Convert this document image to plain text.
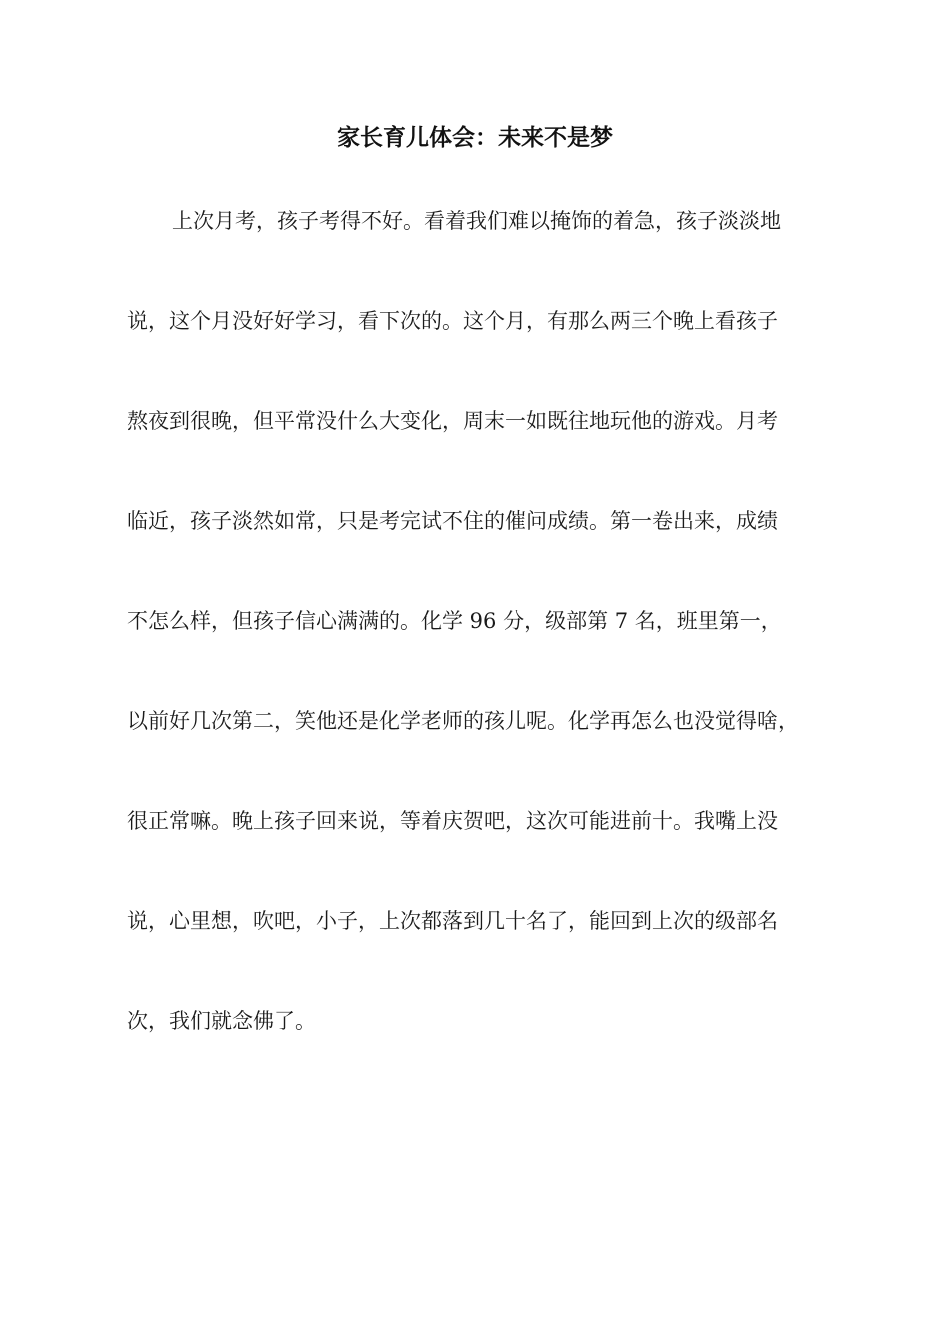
家长育儿体会：未来不是梦

上次月考，孩子考得不好。看着我们难以掩饰的着急，孩子淡淡地

说，这个月没好好学习，看下次的。这个月，有那么两三个晚上看孩子

熬夜到很晚，但平常没什么大变化，周末一如既往地玩他的游戏。月考

临近，孩子淡然如常，只是考完试不住的催问成绩。第一卷出来，成绩

不怎么样，但孩子信心满满的。化学 96 分，级部第 7 名，班里第一，

以前好几次第二，笑他还是化学老师的孩儿呢。化学再怎么也没觉得啥，

很正常嘛。晚上孩子回来说，等着庆贺吧，这次可能进前十。我嘴上没

说，心里想，吹吧，小子，上次都落到几十名了，能回到上次的级部名

次，我们就念佛了。
